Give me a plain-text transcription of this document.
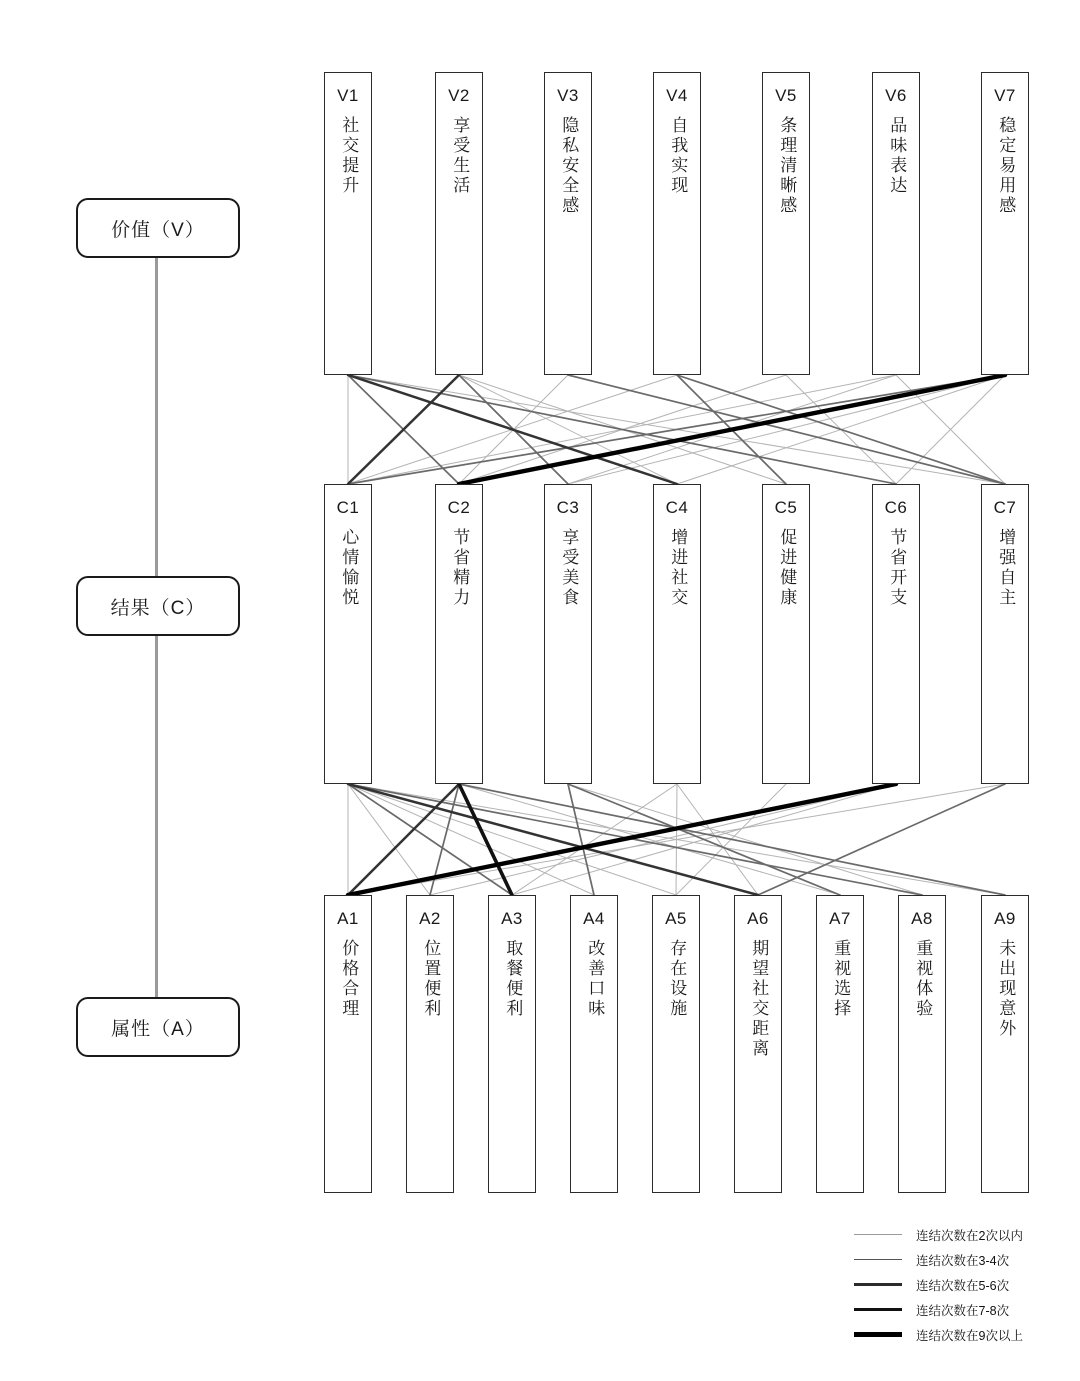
价值（V）
结果（C）
属性（A）
V1
社交提升
V2
享受生活
V3
隐私安全感
V4
自我实现
V5
条理清晰感
V6
品味表达
V7
稳定易用感
C1
心情愉悦
C2
节省精力
C3
享受美食
C4
增进社交
C5
促进健康
C6
节省开支
C7
增强自主
A1
价格合理
A2
位置便利
A3
取餐便利
A4
改善口味
A5
存在设施
A6
期望社交距离
A7
重视选择
A8
重视体验
A9
未出现意外
连结次数在2次以内
连结次数在3-4次
连结次数在5-6次
连结次数在7-8次
连结次数在9次以上
